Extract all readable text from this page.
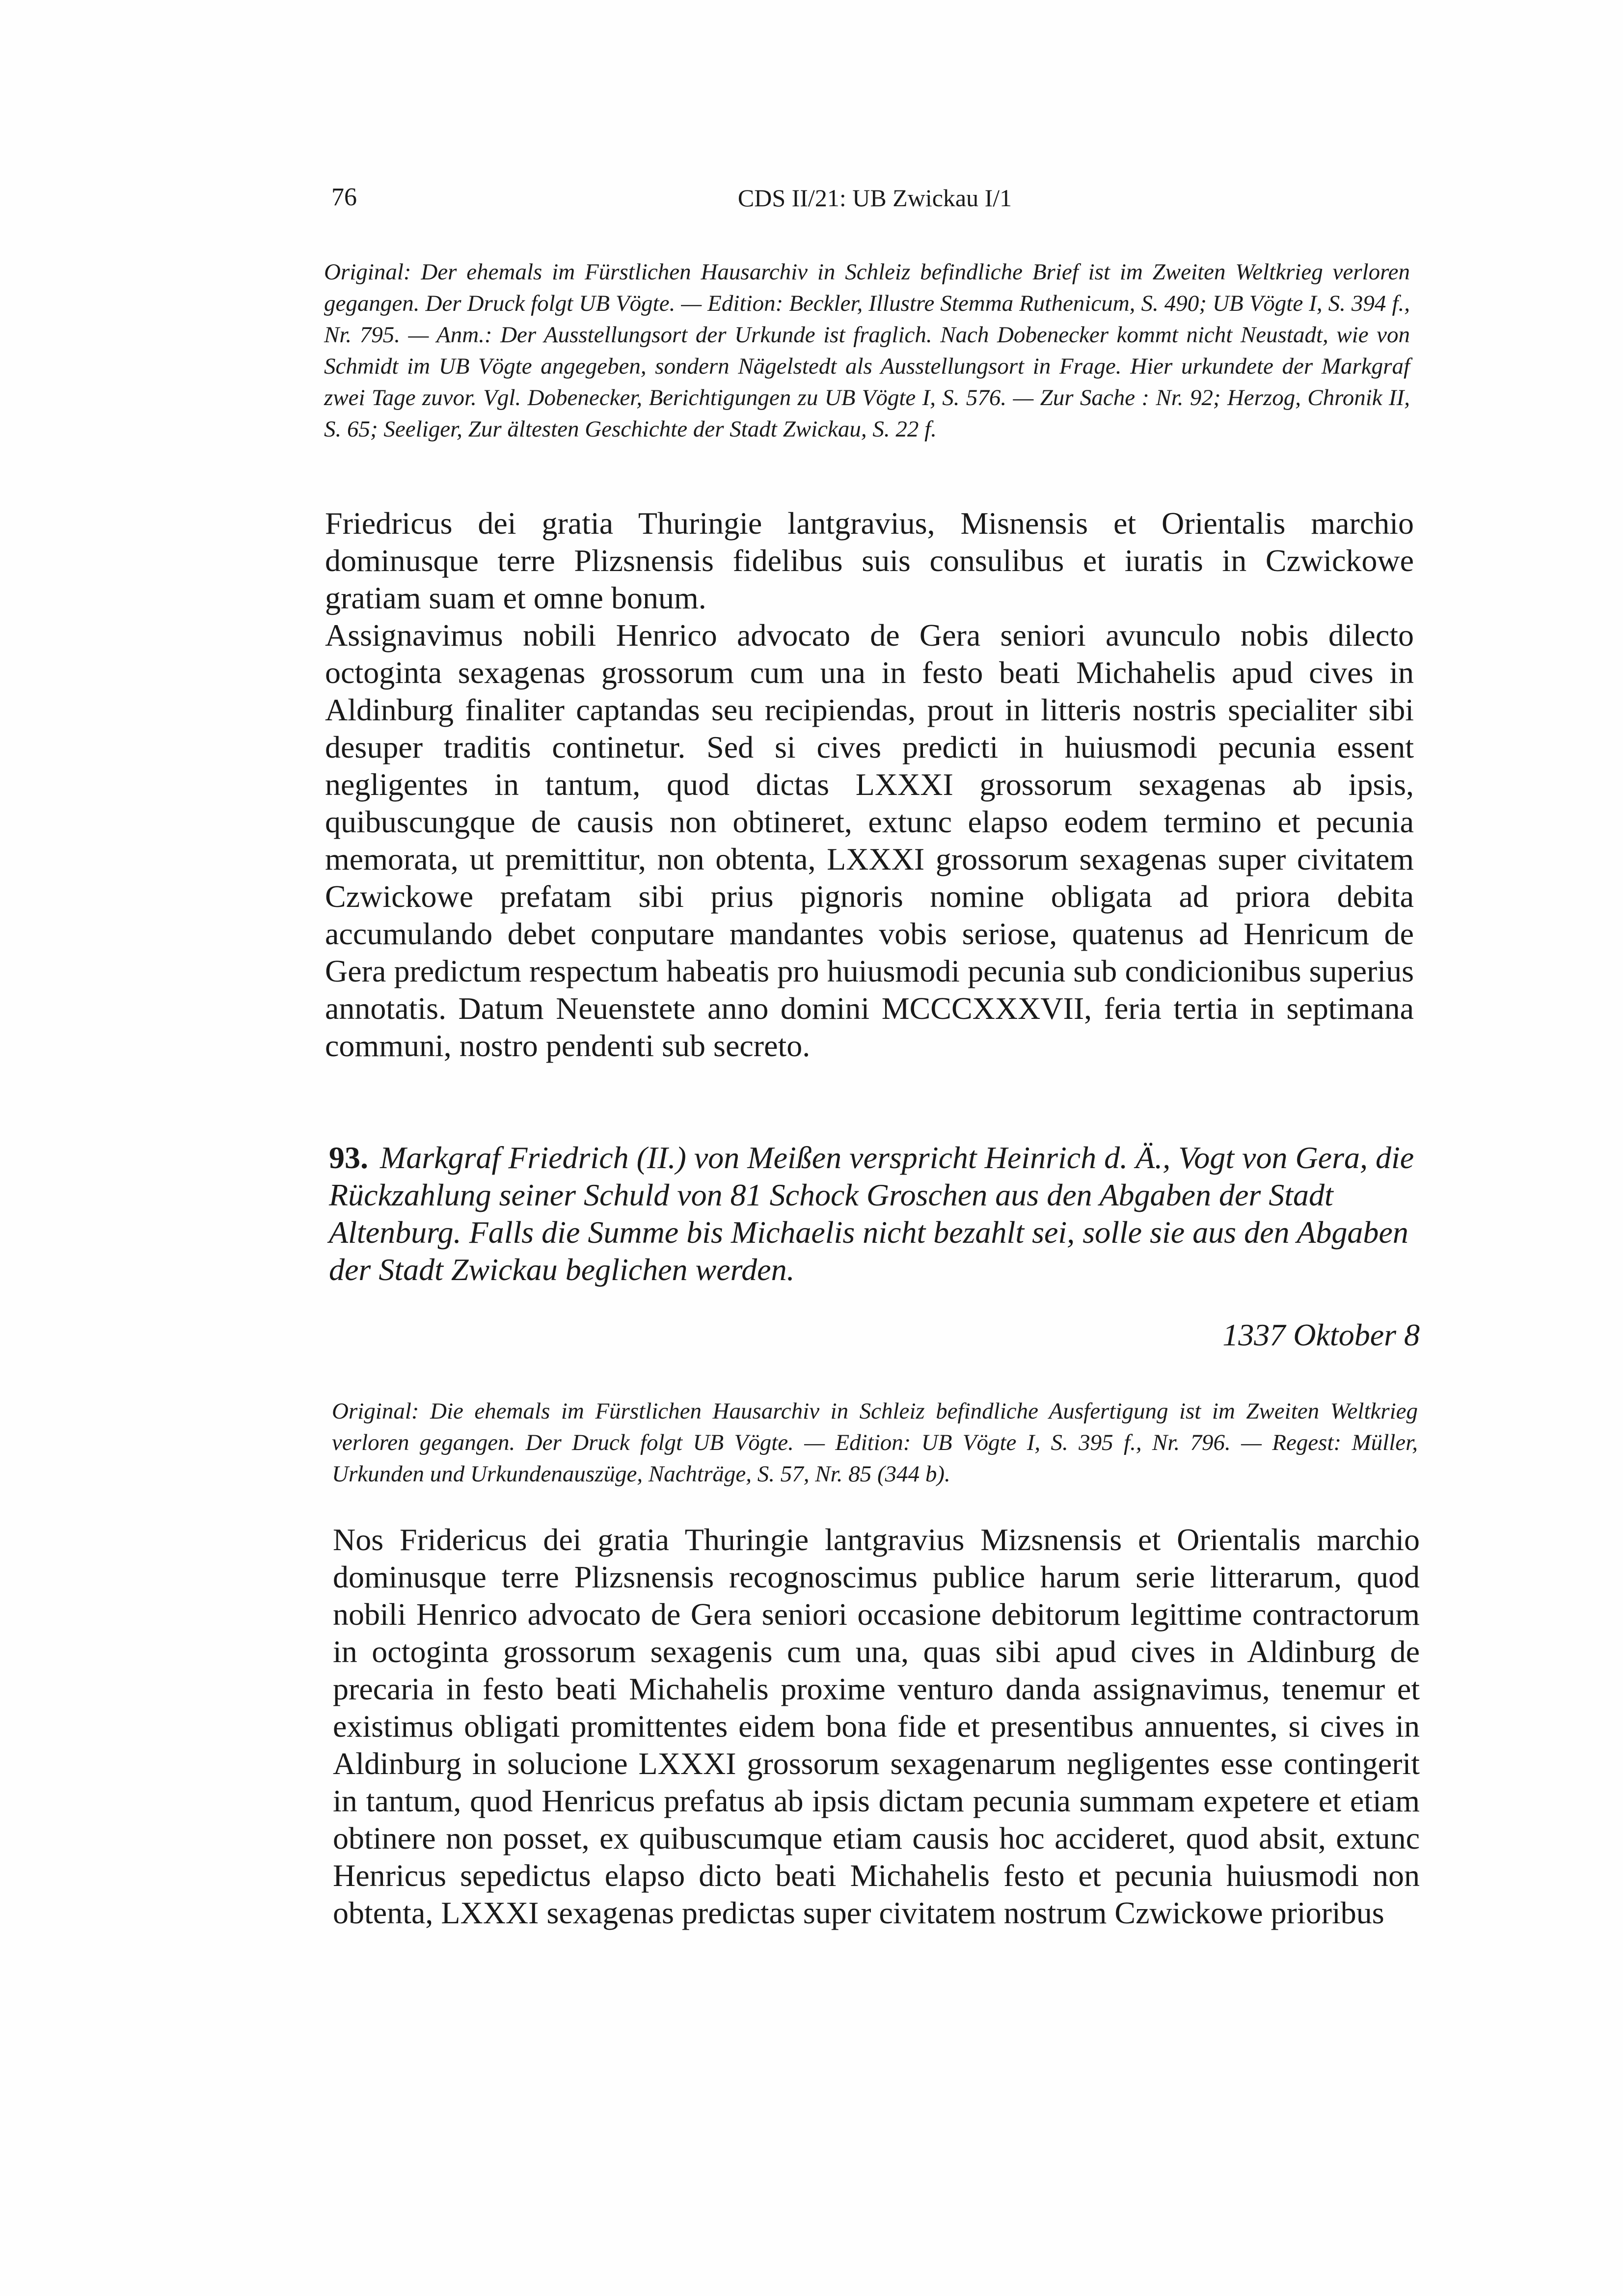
76	CDS II/21: UB Zwickau I/1

Original: Der ehemals im Fürstlichen Hausarchiv in Schleiz befindliche Brief ist im Zweiten Weltkrieg verloren gegangen. Der Druck folgt UB Vögte. — Edition: Beckler, Illustre Stemma Ruthenicum, S. 490; UB Vögte I, S. 394 f., Nr. 795. — Anm.: Der Ausstellungsort der Urkunde ist fraglich. Nach Dobenecker kommt nicht Neustadt, wie von Schmidt im UB Vögte angegeben, sondern Nägelstedt als Ausstellungsort in Frage. Hier urkundete der Markgraf zwei Tage zuvor. Vgl. Dobenecker, Berichtigungen zu UB Vögte I, S. 576. — Zur Sache : Nr. 92; Herzog, Chronik II, S. 65; Seeliger, Zur ältesten Geschichte der Stadt Zwickau, S. 22 f.

Friedricus dei gratia Thuringie lantgravius, Misnensis et Orientalis marchio dominusque terre Plizsnensis fidelibus suis consulibus et iuratis in Czwickowe gratiam suam et omne bonum.

Assignavimus nobili Henrico advocato de Gera seniori avunculo nobis dilecto octoginta sexagenas grossorum cum una in festo beati Michahelis apud cives in Aldinburg finaliter captandas seu recipiendas, prout in litteris nostris specialiter sibi desuper traditis continetur. Sed si cives predicti in huiusmodi pecunia essent negligentes in tantum, quod dictas LXXXI grossorum sexagenas ab ipsis, quibuscungque de causis non obtineret, extunc elapso eodem termino et pecunia memorata, ut premittitur, non obtenta, LXXXI grossorum sexagenas super civitatem Czwickowe prefatam sibi prius pignoris nomine obligata ad priora debita accumulando debet conputare mandantes vobis seriose, quatenus ad Henricum de Gera predictum respectum habeatis pro huiusmodi pecunia sub condicionibus superius annotatis. Datum Neuenstete anno domini MCCCXXXVII, feria tertia in septimana communi, nostro pendenti sub secreto.

93. Markgraf Friedrich (II.) von Meißen verspricht Heinrich d. Ä., Vogt von Gera, die Rückzahlung seiner Schuld von 81 Schock Groschen aus den Abgaben der Stadt Altenburg. Falls die Summe bis Michaelis nicht bezahlt sei, solle sie aus den Abgaben der Stadt Zwickau beglichen werden.

1337 Oktober 8

Original: Die ehemals im Fürstlichen Hausarchiv in Schleiz befindliche Ausfertigung ist im Zweiten Weltkrieg verloren gegangen. Der Druck folgt UB Vögte. — Edition: UB Vögte I, S. 395 f., Nr. 796. — Regest: Müller, Urkunden und Urkundenauszüge, Nachträge, S. 57, Nr. 85 (344 b).

Nos Fridericus dei gratia Thuringie lantgravius Mizsnensis et Orientalis marchio dominusque terre Plizsnensis recognoscimus publice harum serie litterarum, quod nobili Henrico advocato de Gera seniori occasione debitorum legittime contractorum in octoginta grossorum sexagenis cum una, quas sibi apud cives in Aldinburg de precaria in festo beati Michahelis proxime venturo danda assignavimus, tenemur et existimus obligati promittentes eidem bona fide et presentibus annuentes, si cives in Aldinburg in solucione LXXXI grossorum sexagenarum negligentes esse contingerit in tantum, quod Henricus prefatus ab ipsis dictam pecunia summam expetere et etiam obtinere non posset, ex quibuscumque etiam causis hoc accideret, quod absit, extunc Henricus sepedictus elapso dicto beati Michahelis festo et pecunia huiusmodi non obtenta, LXXXI sexagenas predictas super civitatem nostrum Czwickowe prioribus
